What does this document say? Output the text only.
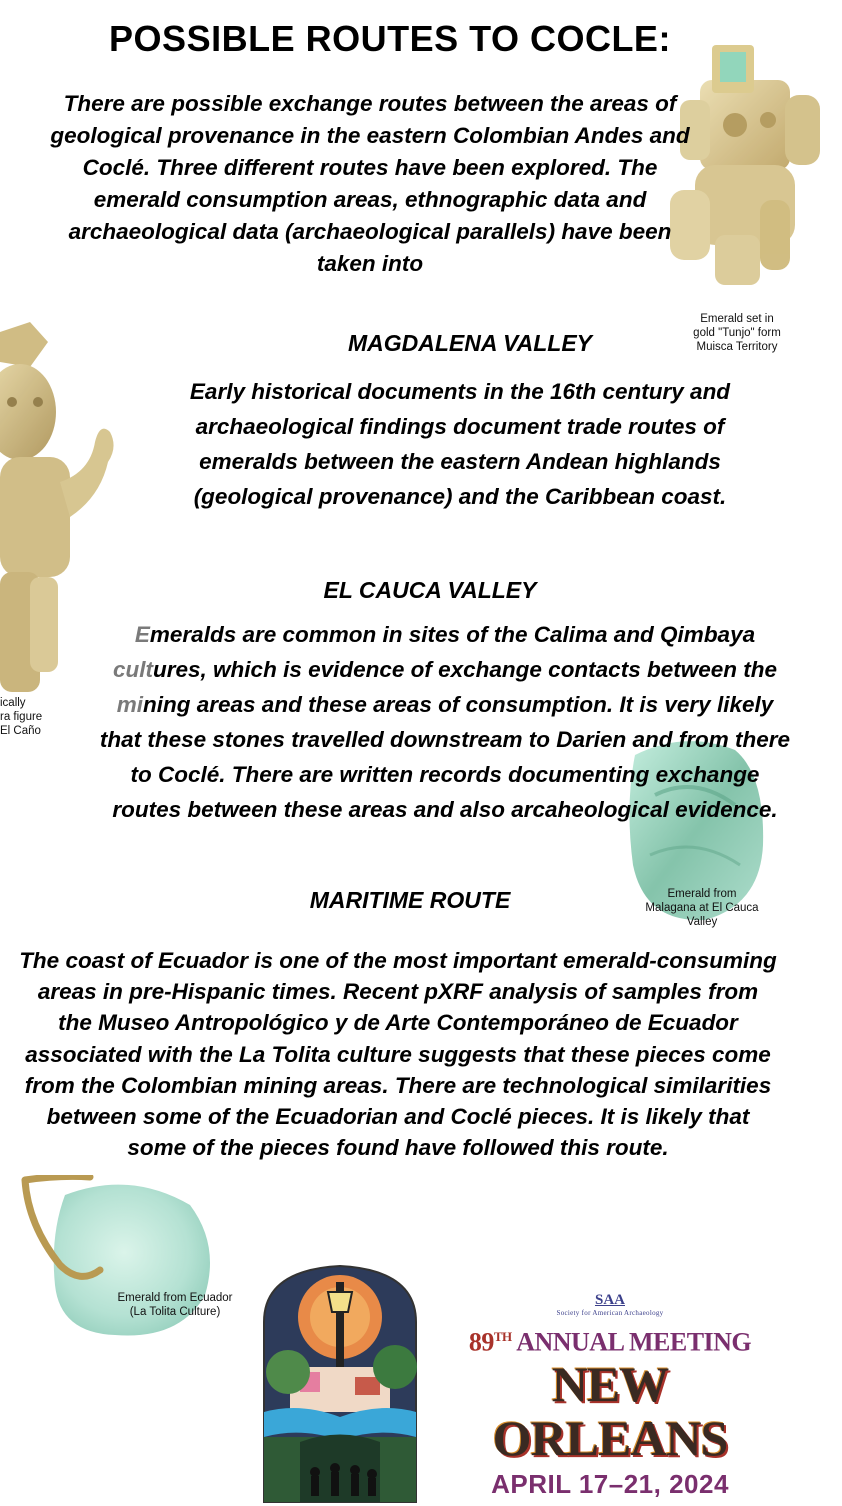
POSSIBLE ROUTES TO COCLE:
There are possible exchange routes between the areas of geological provenance in the eastern Colombian Andes and Coclé. Three different routes have been explored. The emerald consumption areas, ethnographic data and archaeological data (archaeological parallels) have been taken into
Emerald set in
gold "Tunjo" form
Muisca Territory
MAGDALENA VALLEY
Early historical documents in the 16th century and archaeological findings document trade routes of emeralds between the eastern Andean highlands (geological provenance) and the Caribbean coast.
ically
ra figure
El Caño
EL CAUCA VALLEY
Emeralds are common in sites of the Calima and Qimbaya
cultures, which is evidence of exchange contacts between the
mining areas and these areas of consumption. It is very likely
that these stones travelled downstream to Darien and from there
to Coclé. There are written records documenting exchange
routes between these areas and also arcaheological evidence.
Emerald from
Malagana at El Cauca
Valley
MARITIME ROUTE
The coast of Ecuador is one of the most important emerald-consuming areas in pre-Hispanic times. Recent pXRF analysis of samples from the Museo Antropológico y de Arte Contemporáneo de Ecuador associated with the La Tolita culture suggests that these pieces come from the Colombian mining areas. There are technological similarities between some of the Ecuadorian and Coclé pieces. It is likely that some of the pieces found have followed this route.
Emerald from Ecuador
(La Tolita Culture)
SAA
Society for American Archaeology
89TH ANNUAL MEETING
NEW ORLEANS
APRIL 17–21, 2024
